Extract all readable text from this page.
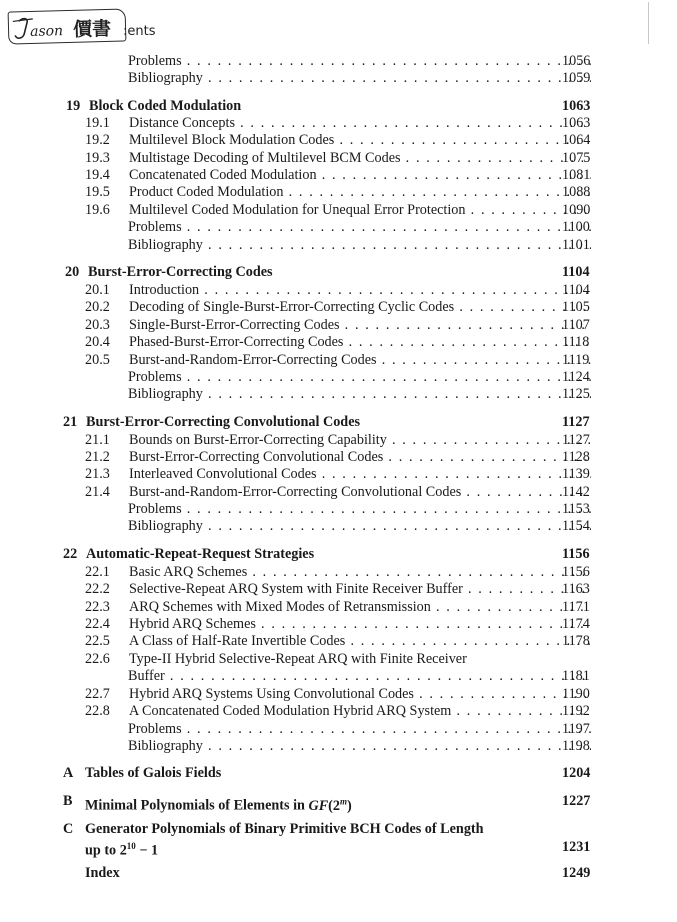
ason 價書 :ents
Problems . . .	1056
Bibliography . . .	1059
19 Block Coded Modulation	1063
19.1 Distance Concepts . . .	1063
19.2 Multilevel Block Modulation Codes . . .	1064
19.3 Multistage Decoding of Multilevel BCM Codes . . .	1075
19.4 Concatenated Coded Modulation . . .	1081
19.5 Product Coded Modulation . . .	1088
19.6 Multilevel Coded Modulation for Unequal Error Protection . . .	1090
Problems . . .	1100
Bibliography . . .	1101
20 Burst-Error-Correcting Codes	1104
20.1 Introduction . . .	1104
20.2 Decoding of Single-Burst-Error-Correcting Cyclic Codes . . .	1105
20.3 Single-Burst-Error-Correcting Codes . . .	1107
20.4 Phased-Burst-Error-Correcting Codes . . .	1118
20.5 Burst-and-Random-Error-Correcting Codes . . .	1119
Problems . . .	1124
Bibliography . . .	1125
21 Burst-Error-Correcting Convolutional Codes	1127
21.1 Bounds on Burst-Error-Correcting Capability . . .	1127
21.2 Burst-Error-Correcting Convolutional Codes . . .	1128
21.3 Interleaved Convolutional Codes . . .	1139
21.4 Burst-and-Random-Error-Correcting Convolutional Codes . . .	1142
Problems . . .	1153
Bibliography . . .	1154
22 Automatic-Repeat-Request Strategies	1156
22.1 Basic ARQ Schemes . . .	1156
22.2 Selective-Repeat ARQ System with Finite Receiver Buffer . . .	1163
22.3 ARQ Schemes with Mixed Modes of Retransmission . . .	1171
22.4 Hybrid ARQ Schemes . . .	1174
22.5 A Class of Half-Rate Invertible Codes . . .	1178
22.6 Type-II Hybrid Selective-Repeat ARQ with Finite Receiver
Buffer . . .	1181
22.7 Hybrid ARQ Systems Using Convolutional Codes . . .	1190
22.8 A Concatenated Coded Modulation Hybrid ARQ System . . .	1192
Problems . . .	1197
Bibliography . . .	1198
A Tables of Galois Fields	1204
B Minimal Polynomials of Elements in GF(2$^m$)	1227
C Generator Polynomials of Binary Primitive BCH Codes of Length
up to $2^{10} - 1$	1231
Index	1249
